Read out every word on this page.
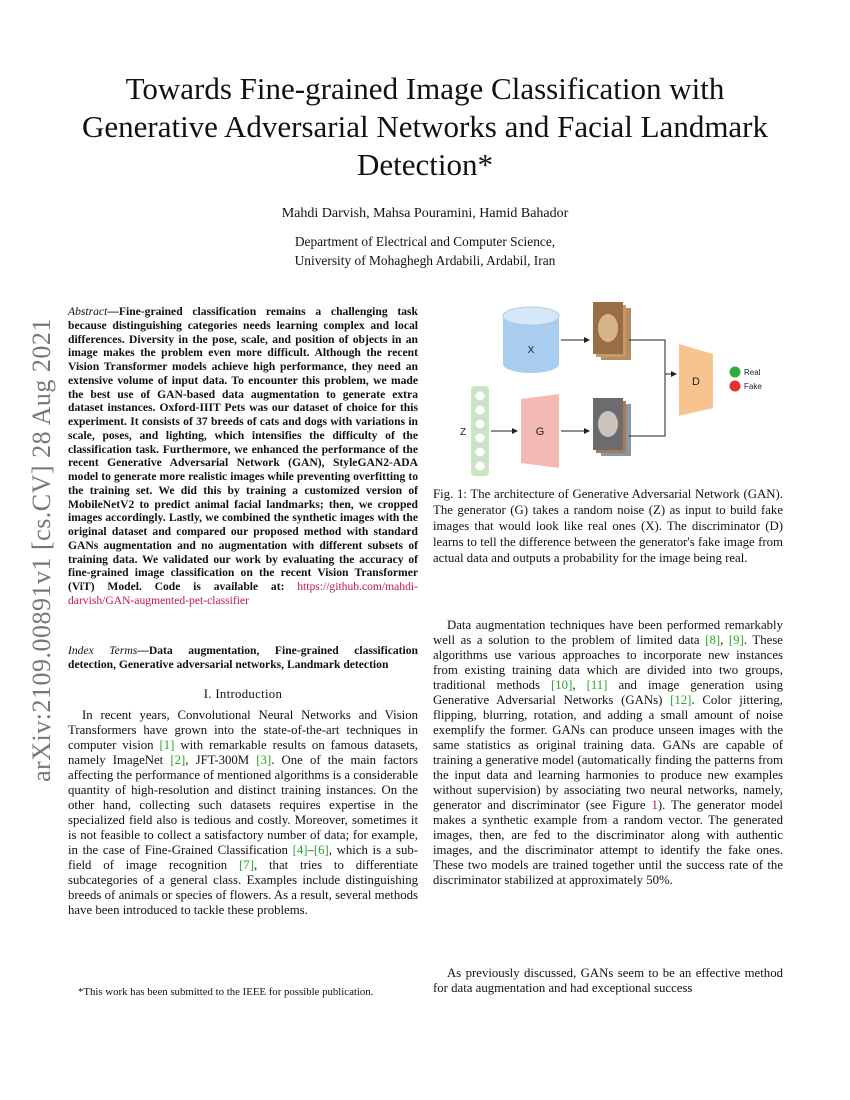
Towards Fine-grained Image Classification with Generative Adversarial Networks and Facial Landmark Detection*
Mahdi Darvish, Mahsa Pouramini, Hamid Bahador
Department of Electrical and Computer Science,
University of Mohaghegh Ardabili, Ardabil, Iran
arXiv:2109.00891v1 [cs.CV] 28 Aug 2021
Abstract—Fine-grained classification remains a challenging task because distinguishing categories needs learning complex and local differences. Diversity in the pose, scale, and position of objects in an image makes the problem even more difficult. Although the recent Vision Transformer models achieve high performance, they need an extensive volume of input data. To encounter this problem, we made the best use of GAN-based data augmentation to generate extra dataset instances. Oxford-IIIT Pets was our dataset of choice for this experiment. It consists of 37 breeds of cats and dogs with variations in scale, poses, and lighting, which intensifies the difficulty of the classification task. Furthermore, we enhanced the performance of the recent Generative Adversarial Network (GAN), StyleGAN2-ADA model to generate more realistic images while preventing overfitting to the training set. We did this by training a customized version of MobileNetV2 to predict animal facial landmarks; then, we cropped images accordingly. Lastly, we combined the synthetic images with the original dataset and compared our proposed method with standard GANs augmentation and no augmentation with different subsets of training data. We validated our work by evaluating the accuracy of fine-grained image classification on the recent Vision Transformer (ViT) Model. Code is available at: https://github.com/mahdi-darvish/GAN-augmented-pet-classifier
Index Terms—Data augmentation, Fine-grained classification detection, Generative adversarial networks, Landmark detection
I. Introduction
In recent years, Convolutional Neural Networks and Vision Transformers have grown into the state-of-the-art techniques in computer vision [1] with remarkable results on famous datasets, namely ImageNet [2], JFT-300M [3]. One of the main factors affecting the performance of mentioned algorithms is a considerable quantity of high-resolution and distinct training instances. On the other hand, collecting such datasets requires expertise in the specialized field also is tedious and costly. Moreover, sometimes it is not feasible to collect a satisfactory number of data; for example, in the case of Fine-Grained Classification [4]–[6], which is a sub-field of image recognition [7], that tries to differentiate subcategories of a general class. Examples include distinguishing breeds of animals or species of flowers. As a result, several methods have been introduced to tackle these problems.
*This work has been submitted to the IEEE for possible publication.
X
Z	G
D
Real
Fake
Fig. 1: The architecture of Generative Adversarial Network (GAN). The generator (G) takes a random noise (Z) as input to build fake images that would look like real ones (X). The discriminator (D) learns to tell the difference between the generator's fake image from actual data and outputs a probability for the image being real.
Data augmentation techniques have been performed remarkably well as a solution to the problem of limited data [8], [9]. These algorithms use various approaches to incorporate new instances from existing training data which are divided into two groups, traditional methods [10], [11] and image generation using Generative Adversarial Networks (GANs) [12]. Color jittering, flipping, blurring, rotation, and adding a small amount of noise exemplify the former. GANs can produce unseen images with the same statistics as original training data. GANs are capable of training a generative model (automatically finding the patterns from the input data and learning harmonies to produce new examples without supervision) by associating two neural networks, namely, generator and discriminator (see Figure 1). The generator model makes a synthetic example from a random vector. The generated images, then, are fed to the discriminator along with authentic images, and the discriminator attempt to identify the fake ones. These two models are trained together until the success rate of the discriminator stabilized at approximately 50%.
As previously discussed, GANs seem to be an effective method for data augmentation and had exceptional success
